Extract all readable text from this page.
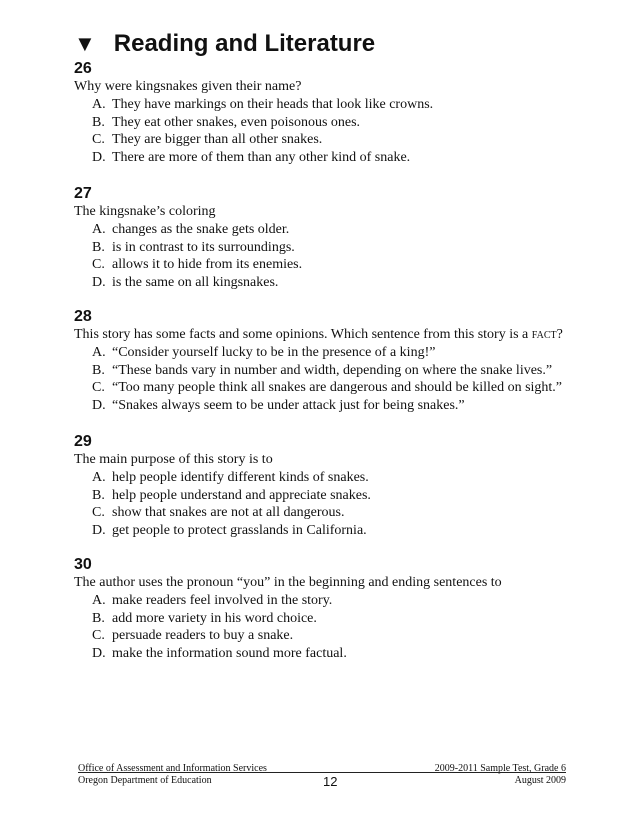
▼ Reading and Literature

26

Why were kingsnakes given their name?

A. They have markings on their heads that look like crowns.
B. They eat other snakes, even poisonous ones.
C. They are bigger than all other snakes.
D. There are more of them than any other kind of snake.

27

The kingsnake’s coloring

A. changes as the snake gets older.
B. is in contrast to its surroundings.
C. allows it to hide from its enemies.
D. is the same on all kingsnakes.

28

This story has some facts and some opinions. Which sentence from this story is a fact?

A. “Consider yourself lucky to be in the presence of a king!”
B. “These bands vary in number and width, depending on where the snake lives.”
C. “Too many people think all snakes are dangerous and should be killed on sight.”
D. “Snakes always seem to be under attack just for being snakes.”

29

The main purpose of this story is to

A. help people identify different kinds of snakes.
B. help people understand and appreciate snakes.
C. show that snakes are not at all dangerous.
D. get people to protect grasslands in California.

30

The author uses the pronoun “you” in the beginning and ending sentences to

A. make readers feel involved in the story.
B. add more variety in his word choice.
C. persuade readers to buy a snake.
D. make the information sound more factual.
Office of Assessment and Information Services	2009-2011 Sample Test, Grade 6
Oregon Department of Education	12	August 2009
